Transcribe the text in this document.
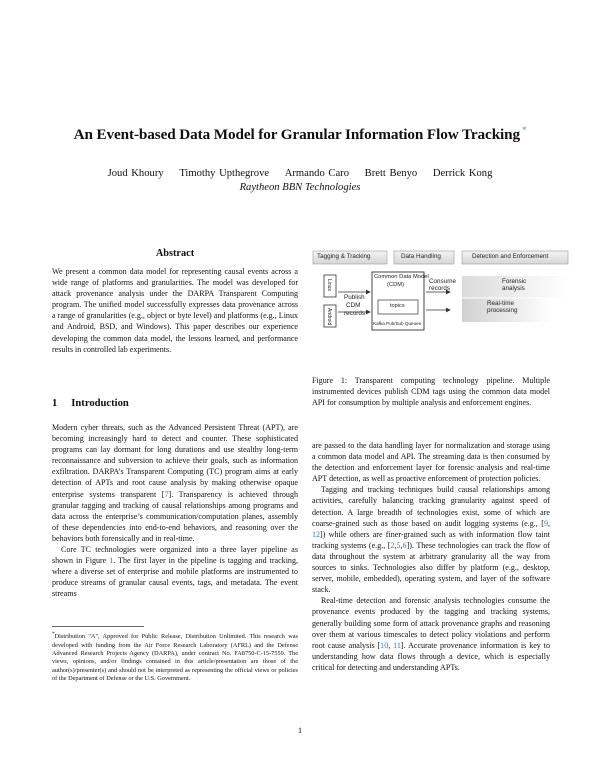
An Event-based Data Model for Granular Information Flow Tracking *
Joud Khoury Timothy Upthegrove Armando Caro Brett Benyo Derrick Kong
Raytheon BBN Technologies
Abstract

We present a common data model for representing causal events across a wide range of platforms and granularities. The model was developed for attack provenance analysis under the DARPA Transparent Computing program. The unified model successfully expresses data provenance across a range of granularities (e.g., object or byte level) and platforms (e.g., Linux and Android, BSD, and Windows). This paper describes our experience developing the common data model, the lessons learned, and performance results in controlled lab experiments.

1 Introduction

Modern cyber threats, such as the Advanced Persistent Threat (APT), are becoming increasingly hard to detect and counter. These sophisticated programs can lay dormant for long durations and use stealthy long-term reconnaissance and subversion to achieve their goals, such as information exfiltration. DARPA’s Transparent Computing (TC) program aims at early detection of APTs and root cause analysis by making otherwise opaque enterprise systems transparent [7]. Transparency is achieved through granular tagging and tracking of causal relationships among programs and data across the enterprise’s communication/computation planes, assembly of these dependencies into end-to-end behaviors, and reasoning over the behaviors both forensically and in real-time.

Core TC technologies were organized into a three layer pipeline as shown in Figure 1. The first layer in the pipeline is tagging and tracking, where a diverse set of enterprise and mobile platforms are instrumented to produce streams of granular causal events, tags, and metadata. The event streams

*Distribution "A", Approved for Public Release, Distribution Unlimited. This research was developed with funding from the Air Force Research Laboratory (AFRL) and the Defense Advanced Research Projects Agency (DARPA), under contract No. FA8750-C-15-7559. The views, opinions, and/or findings contained in this article/presentation are those of the author(s)/presenter(s) and should not be interpreted as representing the official views or policies of the Department of Defense or the U.S. Government.
Tagging & Tracking	Data Handling	Detection and Enforcement
Linux
Android
Publish
CDM
records
Common Data Model
(CDM)
topics
Kafka Pub/Sub Queues
Consume
records
Forensic
analysis
Real-time
processing
Figure 1: Transparent computing technology pipeline. Multiple instrumented devices publish CDM tags using the common data model API for consumption by multiple analysis and enforcement engines.

are passed to the data handling layer for normalization and storage using a common data model and API. The streaming data is then consumed by the detection and enforcement layer for forensic analysis and real-time APT detection, as well as proactive enforcement of protection policies.

Tagging and tracking techniques build causal relationships among activities, carefully balancing tracking granularity against speed of detection. A large breadth of technologies exist, some of which are coarse-grained such as those based on audit logging systems (e.g., [9, 12]) while others are finer-grained such as with information flow taint tracking systems (e.g., [2,5,6]). These technologies can track the flow of data throughout the system at arbitrary granularity all the way from sources to sinks. Technologies also differ by platform (e.g., desktop, server, mobile, embedded), operating system, and layer of the software stack.

Real-time detection and forensic analysis technologies consume the provenance events produced by the tagging and tracking systems, generally building some form of attack provenance graphs and reasoning over them at various timescales to detect policy violations and perform root cause analysis [10, 11]. Accurate provenance information is key to understanding how data flows through a device, which is especially critical for detecting and understanding APTs.

1
